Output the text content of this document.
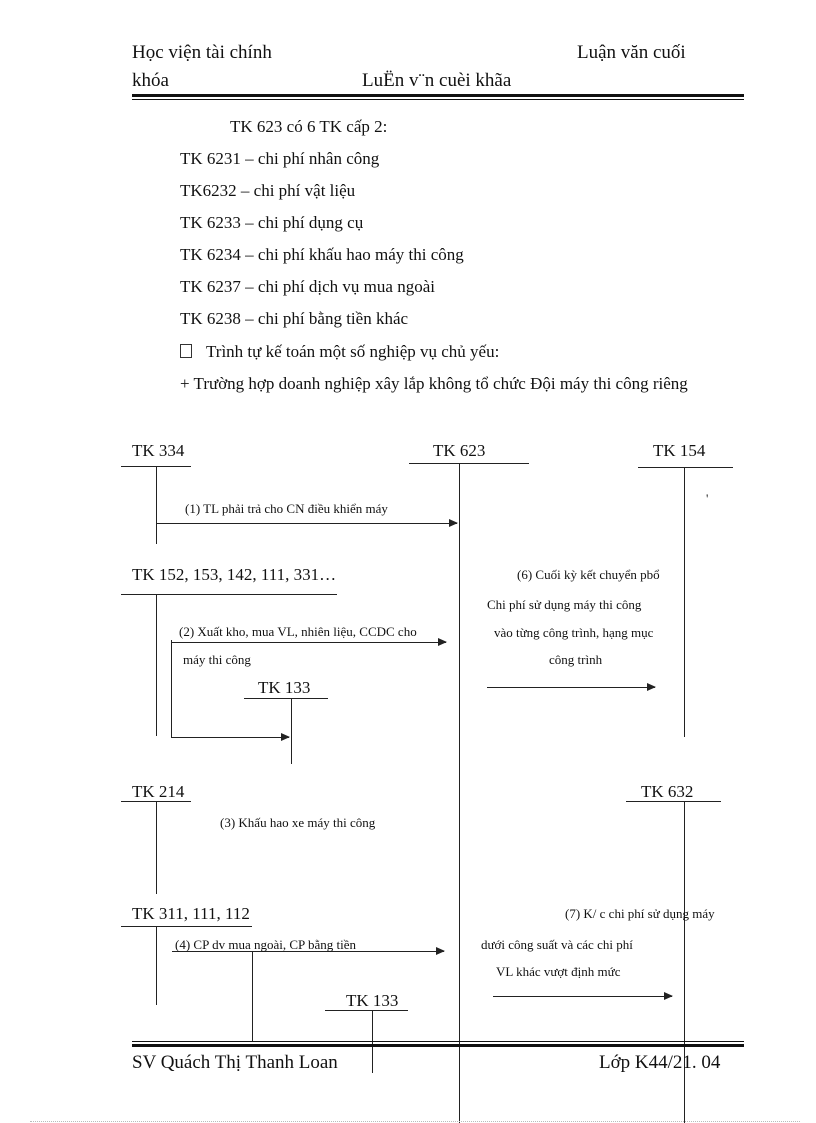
Học viện tài chính	Luận văn cuối
khóa	LuËn v¨n cuèi khãa
TK 623 có 6 TK cấp 2:
TK 6231 – chi phí nhân công
TK6232 – chi phí vật liệu
TK 6233 – chi phí dụng cụ
TK 6234 – chi phí khấu hao máy thi công
TK 6237 – chi phí dịch vụ mua ngoài
TK 6238 – chi phí bằng tiền khác
Trình tự kế toán một số nghiệp vụ chủ yếu:
+ Trường hợp doanh nghiệp xây lắp không tổ chức Đội máy thi công riêng
TK 334	TK 623	TK 154
TK 152, 153, 142, 111, 331…
TK 133
TK 214	TK 632
TK 311, 111, 112
TK 133
(1) TL phải trả cho CN điều khiển máy
'
(6) Cuối kỳ kết chuyển pbổ
Chi phí sử dụng máy thi công
(2) Xuất kho, mua VL, nhiên liệu, CCDC cho	vào từng công trình, hạng mục
máy thi công	công trình
(3) Khấu hao xe máy thi công
(7) K/ c chi phí sử dụng máy
(4) CP dv mua ngoài, CP bằng tiền	dưới công suất và các chi phí
VL khác vượt định mức
SV Quách Thị Thanh Loan	Lớp K44/21. 04
